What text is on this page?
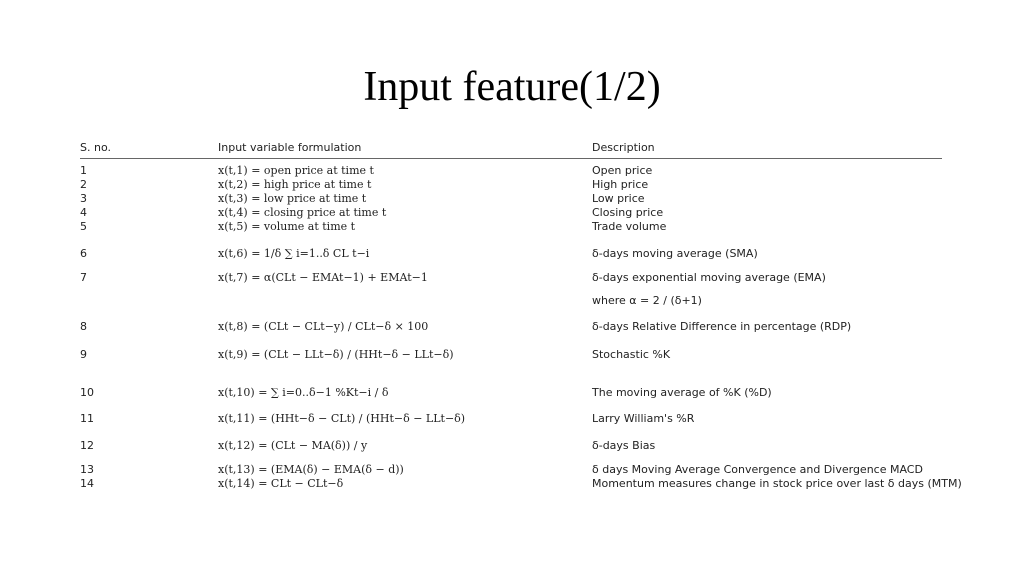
Input feature(1/2)
S. no.	Input variable formulation	Description
1	x(t,1) = open price at time t	Open price
2	x(t,2) = high price at time t	High price
3	x(t,3) = low price at time t	Low price
4	x(t,4) = closing price at time t	Closing price
5	x(t,5) = volume at time t	Trade volume
6	x(t,6) = 1/δ ∑ i=1..δ CL t−i	δ-days moving average (SMA)
7	x(t,7) = α(CLt − EMAt−1) + EMAt−1	δ-days exponential moving average (EMA)
where α = 2 / (δ+1)
8	x(t,8) = (CLt − CLt−y) / CLt−δ × 100	δ-days Relative Difference in percentage (RDP)
9	x(t,9) = (CLt − LLt−δ) / (HHt−δ − LLt−δ)	Stochastic %K
10	x(t,10) = ∑ i=0..δ−1 %Kt−i / δ	The moving average of %K (%D)
11	x(t,11) = (HHt−δ − CLt) / (HHt−δ − LLt−δ)	Larry William's %R
12	x(t,12) = (CLt − MA(δ)) / y	δ-days Bias
13	x(t,13) = (EMA(δ) − EMA(δ − d))	δ days Moving Average Convergence and Divergence MACD
14	x(t,14) = CLt − CLt−δ	Momentum measures change in stock price over last δ days (MTM)
